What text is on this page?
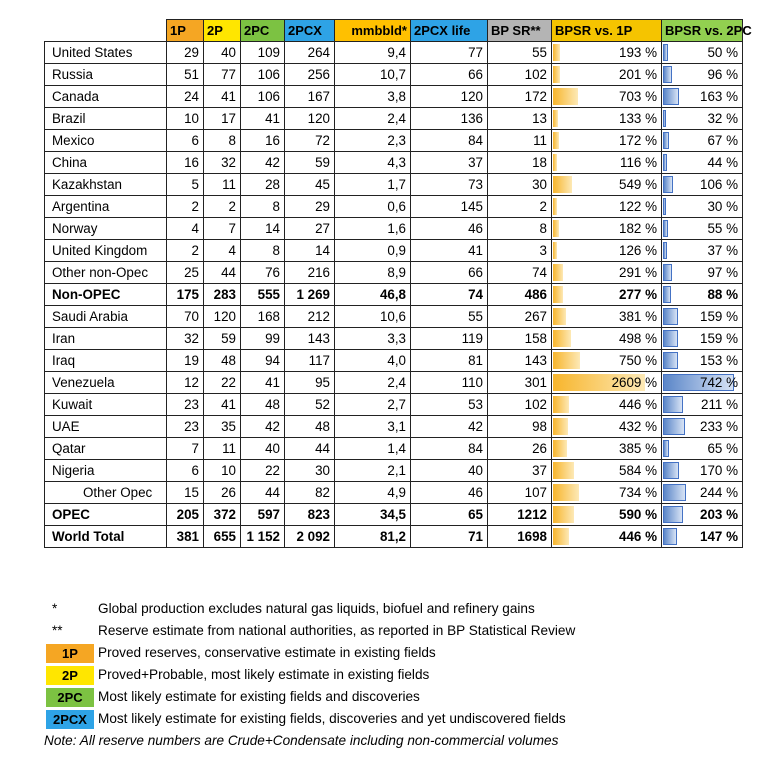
	1P	2P	2PC	2PCX	mmbbld*	2PCX life	BP SR**	BPSR vs. 1P	BPSR vs. 2PC
United States	29	40	109	264	9,4	77	55	193 %	50 %
Russia	51	77	106	256	10,7	66	102	201 %	96 %
Canada	24	41	106	167	3,8	120	172	703 %	163 %
Brazil	10	17	41	120	2,4	136	13	133 %	32 %
Mexico	6	8	16	72	2,3	84	11	172 %	67 %
China	16	32	42	59	4,3	37	18	116 %	44 %
Kazakhstan	5	11	28	45	1,7	73	30	549 %	106 %
Argentina	2	2	8	29	0,6	145	2	122 %	30 %
Norway	4	7	14	27	1,6	46	8	182 %	55 %
United Kingdom	2	4	8	14	0,9	41	3	126 %	37 %
Other non-Opec	25	44	76	216	8,9	66	74	291 %	97 %
Non-OPEC	175	283	555	1 269	46,8	74	486	277 %	88 %
Saudi Arabia	70	120	168	212	10,6	55	267	381 %	159 %
Iran	32	59	99	143	3,3	119	158	498 %	159 %
Iraq	19	48	94	117	4,0	81	143	750 %	153 %
Venezuela	12	22	41	95	2,4	110	301	2609 %	742 %
Kuwait	23	41	48	52	2,7	53	102	446 %	211 %
UAE	23	35	42	48	3,1	42	98	432 %	233 %
Qatar	7	11	40	44	1,4	84	26	385 %	65 %
Nigeria	6	10	22	30	2,1	40	37	584 %	170 %
Other Opec	15	26	44	82	4,9	46	107	734 %	244 %
OPEC	205	372	597	823	34,5	65	1212	590 %	203 %
World Total	381	655	1 152	2 092	81,2	71	1698	446 %	147 %
*	Global production excludes natural gas liquids, biofuel and refinery gains
**	Reserve estimate from national authorities, as reported in BP Statistical Review
1P	Proved reserves, conservative estimate in existing fields
2P	Proved+Probable, most likely estimate in existing fields
2PC	Most likely estimate for existing fields and discoveries
2PCX Most likely estimate for existing fields, discoveries and yet undiscovered fields
Note: All reserve numbers are Crude+Condensate including non-commercial volumes
